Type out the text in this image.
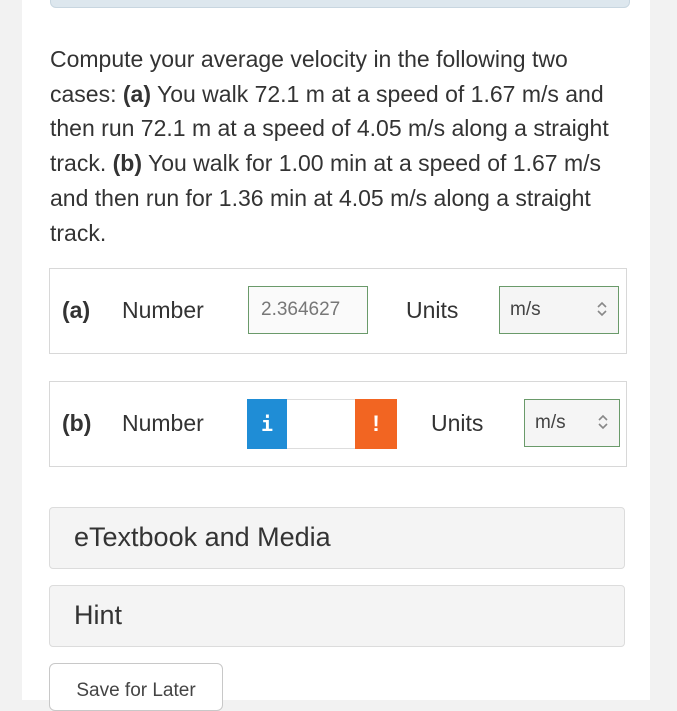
Compute your average velocity in the following two cases: (a) You walk 72.1 m at a speed of 1.67 m/s and then run 72.1 m at a speed of 4.05 m/s along a straight track. (b) You walk for 1.00 min at a speed of 1.67 m/s and then run for 1.36 min at 4.05 m/s along a straight track.

(a) Number	2.364627	Units	m/s
(b) Number	i	!	Units	m/s
eTextbook and Media
Hint
Save for Later
